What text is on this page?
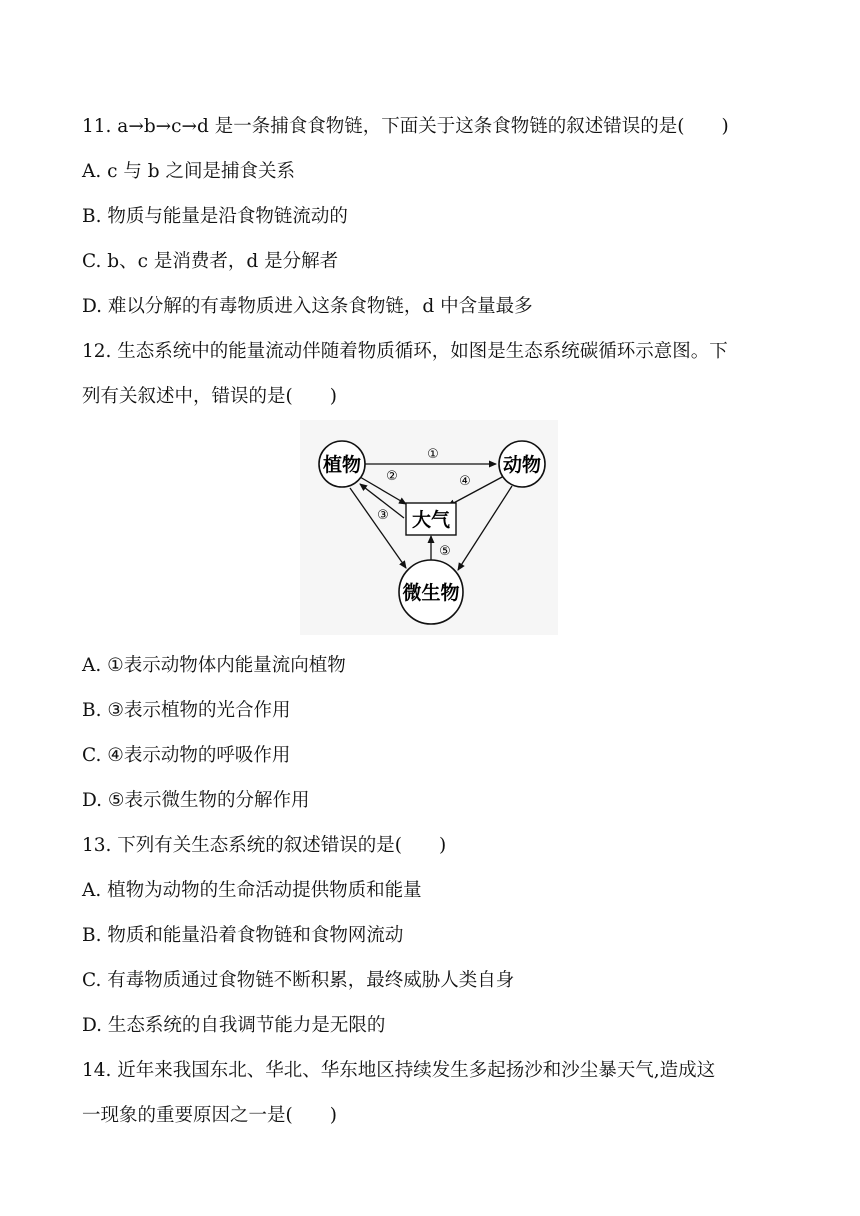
11. a→b→c→d 是一条捕食食物链，下面关于这条食物链的叙述错误的是(　　)
A. c 与 b 之间是捕食关系
B. 物质与能量是沿食物链流动的
C. b、c 是消费者，d 是分解者
D. 难以分解的有毒物质进入这条食物链，d 中含量最多
12. 生态系统中的能量流动伴随着物质循环，如图是生态系统碳循环示意图。下
列有关叙述中，错误的是(　　)
植物	动物
微生物
大气
①
②
③
④
⑤
A. ①表示动物体内能量流向植物
B. ③表示植物的光合作用
C. ④表示动物的呼吸作用
D. ⑤表示微生物的分解作用
13. 下列有关生态系统的叙述错误的是(　　)
A. 植物为动物的生命活动提供物质和能量
B. 物质和能量沿着食物链和食物网流动
C. 有毒物质通过食物链不断积累，最终威胁人类自身
D. 生态系统的自我调节能力是无限的
14. 近年来我国东北、华北、华东地区持续发生多起扬沙和沙尘暴天气,造成这
一现象的重要原因之一是(　　)
